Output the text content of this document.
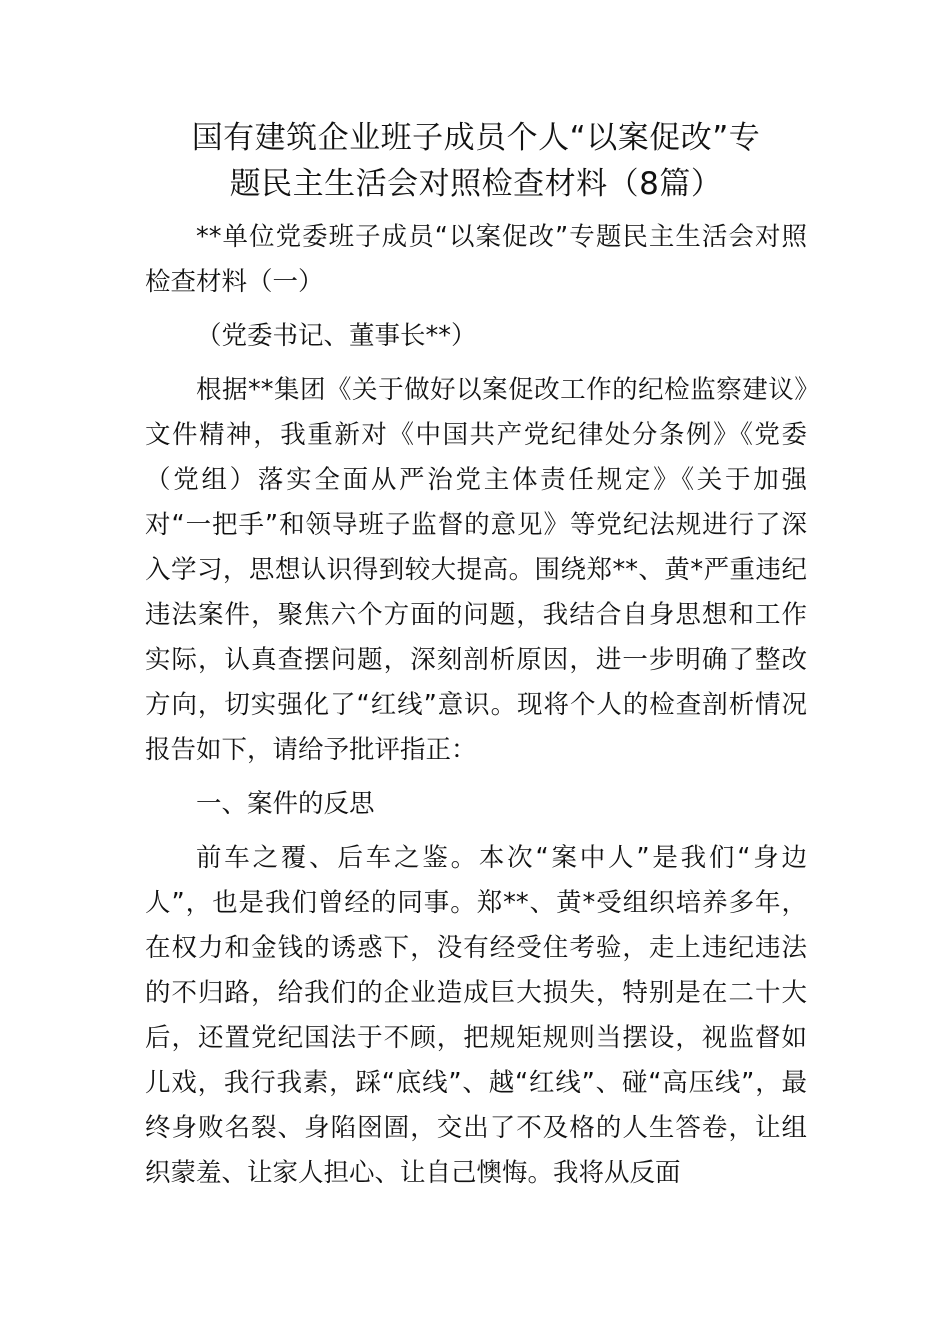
国有建筑企业班子成员个人“以案促改”专
题民主生活会对照检查材料（8篇）

**单位党委班子成员“以案促改”专题民主生活会对照检查材料（一）

（党委书记、董事长**）

根据**集团《关于做好以案促改工作的纪检监察建议》文件精神，我重新对《中国共产党纪律处分条例》《党委（党组）落实全面从严治党主体责任规定》《关于加强对“一把手”和领导班子监督的意见》等党纪法规进行了深入学习，思想认识得到较大提高。围绕郑**、黄*严重违纪违法案件，聚焦六个方面的问题，我结合自身思想和工作实际，认真查摆问题，深刻剖析原因，进一步明确了整改方向，切实强化了“红线”意识。现将个人的检查剖析情况报告如下，请给予批评指正：

一、案件的反思

前车之覆、后车之鉴。本次“案中人”是我们“身边人”，也是我们曾经的同事。郑**、黄*受组织培养多年，在权力和金钱的诱惑下，没有经受住考验，走上违纪违法的不归路，给我们的企业造成巨大损失，特别是在二十大后，还置党纪国法于不顾，把规矩规则当摆设，视监督如儿戏，我行我素，踩“底线”、越“红线”、碰“高压线”，最终身败名裂、身陷囹圄，交出了不及格的人生答卷，让组织蒙羞、让家人担心、让自己懊悔。我将从反面
